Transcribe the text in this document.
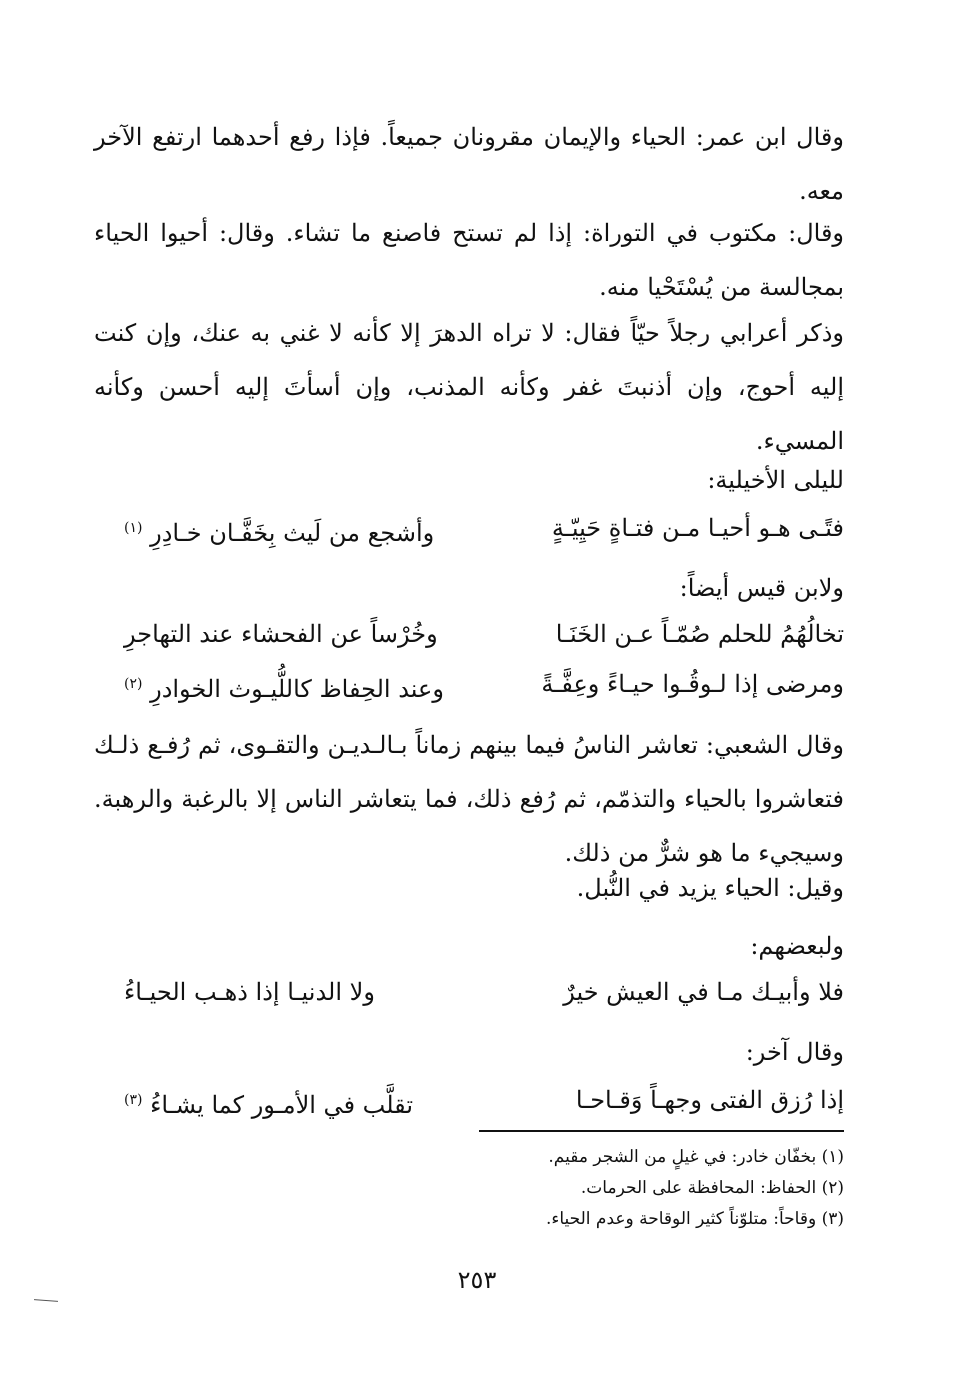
وقال ابن عمر: الحياء والإيمان مقرونان جميعاً. فإذا رفع أحدهما ارتفع الآخر معه.

وقال: مكتوب في التوراة: إذا لم تستح فاصنع ما تشاء. وقال: أحيوا الحياء بمجالسة من يُسْتَحْيا منه.

وذكر أعرابي رجلاً حيّاً فقال: لا تراه الدهرَ إلا كأنه لا غني به عنك، وإن كنت إليه أحوج، وإن أذنبتَ غفر وكأنه المذنب، وإن أسأتَ إليه أحسن وكأنه المسيء.

لليلى الأخيلية:
فتًـى هـو أحيـا مـن فتـاةٍ حَيِيّـةٍ
وأشجع من لَيث بِخَفَّـان خـادِرِ $^{(١)}$
ولابن قيس أيضاً:
تخالُهُمُ للحلم صُمّـاً عـن الخَنَـا
وخُرْساً عن الفحشاء عند التهاجرِ
ومرضى إذا لـوقُـوا حيـاءً وعِفَّـةً
وعند الحِفاظ كاللُّيـوث الخوادرِ $^{(٢)}$

وقال الشعبي: تعاشر الناسُ فيما بينهم زماناً بـالـديـن والتقـوى، ثم رُفـع ذلـك فتعاشروا بالحياء والتذمّم، ثم رُفع ذلك، فما يتعاشر الناس إلا بالرغبة والرهبة. وسيجيء ما هو شرٌّ من ذلك.

وقيل: الحياء يزيد في النُّبل.
ولبعضهم:
فلا وأبيـك مـا في العيش خيرٌ
ولا الدنيـا إذا ذهـب الحيـاءُ
وقال آخر:
إذا رُزق الفتى وجهـاً وَقـاحـا
تقلَّب في الأمـور كما يشـاءُ $^{(٣)}$
(١) بخفّان خادر: في غيلٍ من الشجر مقيم.
(٢) الحفاظ: المحافظة على الحرمات.
(٣) وقاحاً: متلوّناً كثير الوقاحة وعدم الحياء.
٢٥٣
